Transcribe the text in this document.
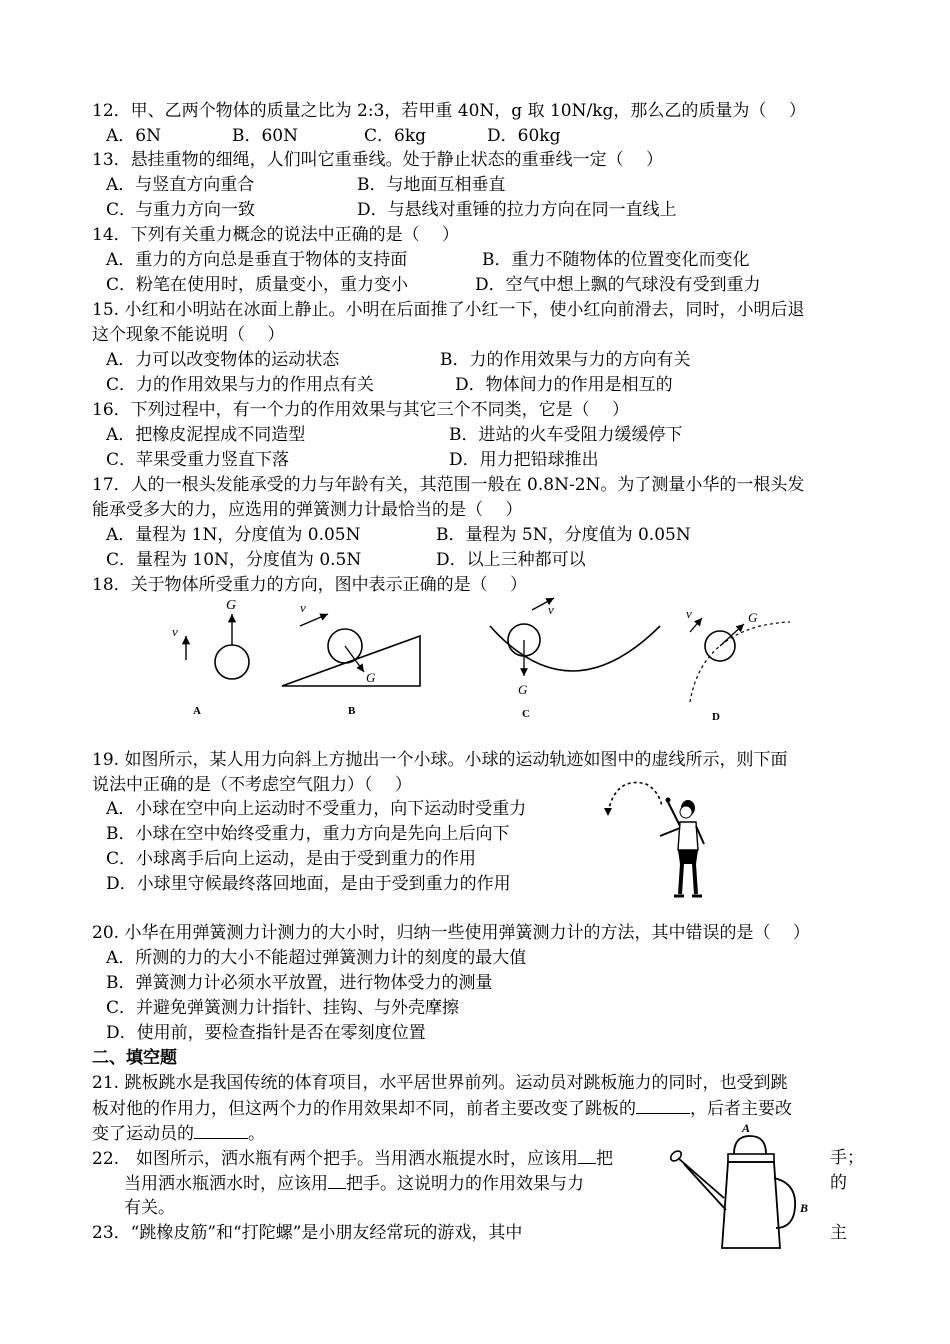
12．甲、乙两个物体的质量之比为 2:3，若甲重 40N，g 取 10N/kg，那么乙的质量为（　 ）
A．6N	B．60N	C．6kg	D．60kg
13．悬挂重物的细绳，人们叫它重垂线。处于静止状态的重垂线一定（　 ）
A．与竖直方向重合	B．与地面互相垂直
C．与重力方向一致	D．与悬线对重锤的拉力方向在同一直线上
14．下列有关重力概念的说法中正确的是（　 ）
A．重力的方向总是垂直于物体的支持面	B．重力不随物体的位置变化而变化
C．粉笔在使用时，质量变小，重力变小	D．空气中想上飘的气球没有受到重力
15. 小红和小明站在冰面上静止。小明在后面推了小红一下，使小红向前滑去，同时，小明后退
这个现象不能说明（　 ）
A．力可以改变物体的运动状态	B．力的作用效果与力的方向有关
C．力的作用效果与力的作用点有关	D．物体间力的作用是相互的
16．下列过程中，有一个力的作用效果与其它三个不同类，它是（　 ）
A．把橡皮泥捏成不同造型	B．进站的火车受阻力缓缓停下
C．苹果受重力竖直下落	D．用力把铅球推出
17．人的一根头发能承受的力与年龄有关，其范围一般在 0.8N-2N。为了测量小华的一根头发
能承受多大的力，应选用的弹簧测力计最恰当的是（　 ）
A．量程为 1N，分度值为 0.05N	B．量程为 5N，分度值为 0.05N
C．量程为 10N，分度值为 0.5N	D．以上三种都可以
18．关于物体所受重力的方向，图中表示正确的是（　 ）
v
G
A
v
G
B
v
G
C
v	G
D
19. 如图所示，某人用力向斜上方抛出一个小球。小球的运动轨迹如图中的虚线所示，则下面
说法中正确的是（不考虑空气阻力）（　 ）
A．小球在空中向上运动时不受重力，向下运动时受重力
B．小球在空中始终受重力，重力方向是先向上后向下
C．小球离手后向上运动，是由于受到重力的作用
D．小球里守候最终落回地面，是由于受到重力的作用
20. 小华在用弹簧测力计测力的大小时，归纳一些使用弹簧测力计的方法，其中错误的是（　 ）
A．所测的力的大小不能超过弹簧测力计的刻度的最大值
B．弹簧测力计必须水平放置，进行物体受力的测量
C．并避免弹簧测力计指针、挂钩、与外壳摩擦
D．使用前，要检查指针是否在零刻度位置
二、填空题
21. 跳板跳水是我国传统的体育项目，水平居世界前列。运动员对跳板施力的同时，也受到跳
板对他的作用力，但这两个力的作用效果却不同，前者主要改变了跳板的	，后者主要改
变了运动员的	。
22.　如图所示，洒水瓶有两个把手。当用洒水瓶提水时，应该用 把	手；
当用洒水瓶洒水时，应该用 把手。这说明力的作用效果与力	的
有关。
A
B
23．“跳橡皮筋”和“打陀螺”是小朋友经常玩的游戏，其中	主
